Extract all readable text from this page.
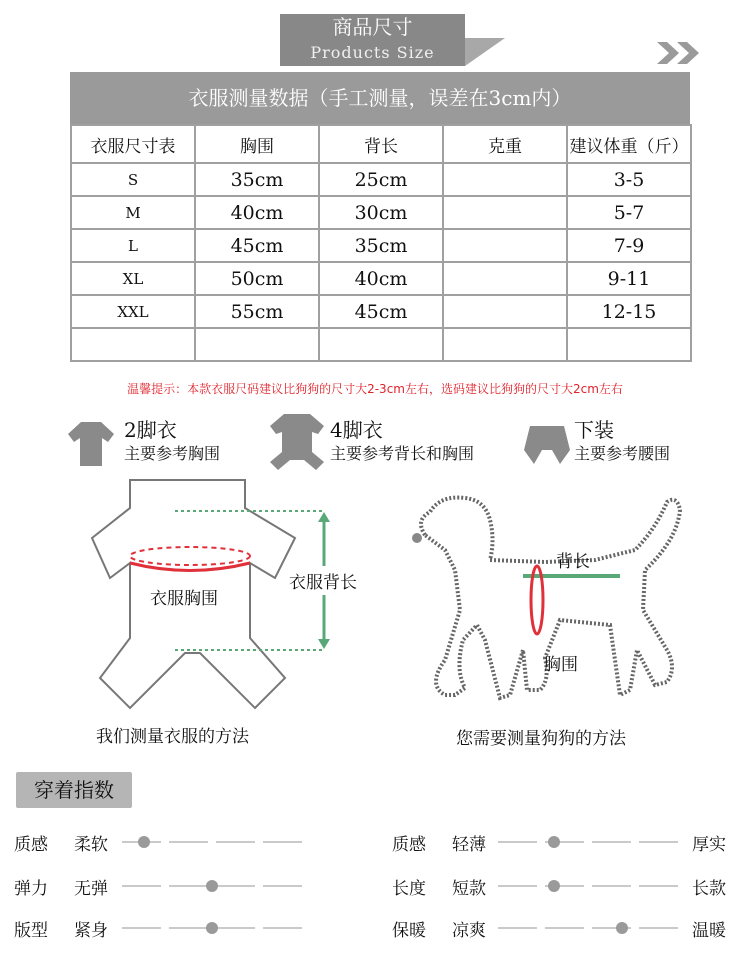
商品尺寸
Products Size
衣服测量数据（手工测量，误差在3cm内）
衣服尺寸表	胸围	背长	克重	建议体重（斤）
S	35cm	25cm		3-5
M	40cm	30cm		5-7
L	45cm	35cm		7-9
XL	50cm	40cm		9-11
XXL	55cm	45cm		12-15

温馨提示：本款衣服尺码建议比狗狗的尺寸大2-3cm左右，选码建议比狗狗的尺寸大2cm左右
2脚衣
主要参考胸围
4脚衣
主要参考背长和胸围
下装
主要参考腰围
衣服背长
衣服胸围
我们测量衣服的方法
背长
胸围
您需要测量狗狗的方法
穿着指数
质感 柔软
弹力 无弹
版型 紧身
质感 轻薄	厚实
长度 短款	长款
保暖 凉爽	温暖
